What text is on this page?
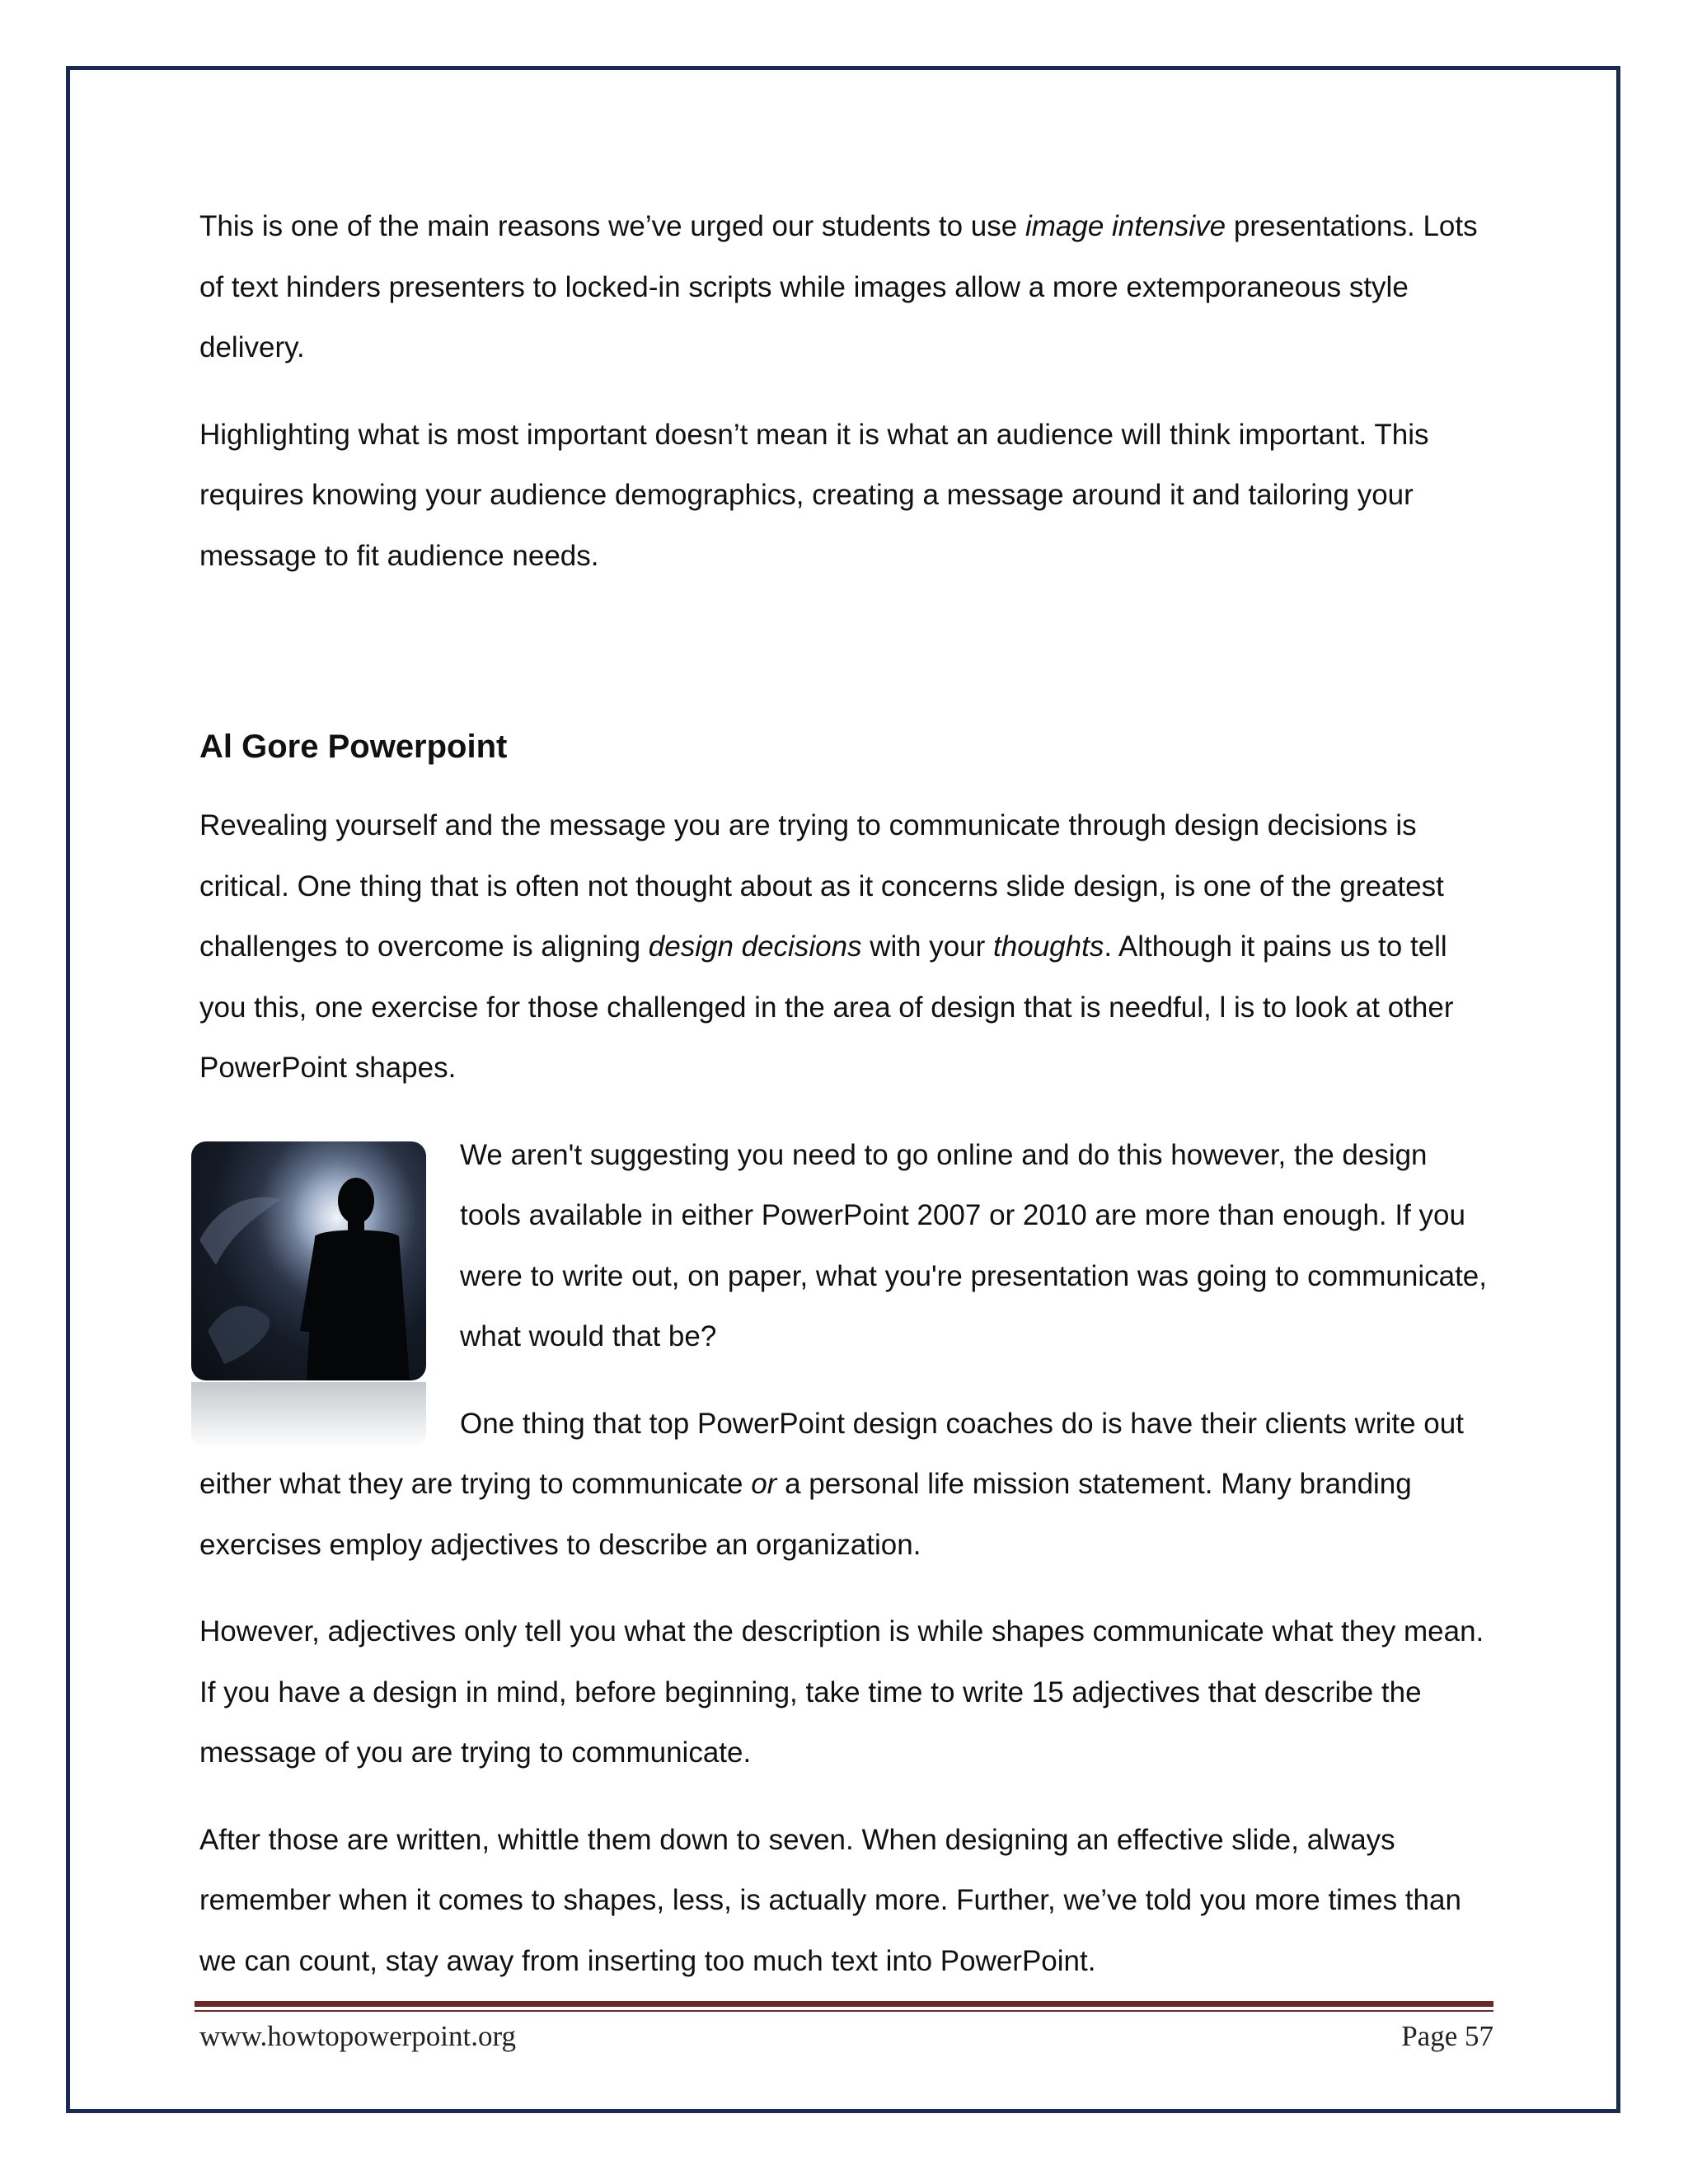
This is one of the main reasons we’ve urged our students to use image intensive presentations. Lots of text hinders presenters to locked-in scripts while images allow a more extemporaneous style delivery.

Highlighting what is most important doesn’t mean it is what an audience will think important. This requires knowing your audience demographics, creating a message around it and tailoring your message to fit audience needs.

Al Gore Powerpoint

Revealing yourself and the message you are trying to communicate through design decisions is critical. One thing that is often not thought about as it concerns slide design, is one of the greatest challenges to overcome is aligning design decisions with your thoughts. Although it pains us to tell you this, one exercise for those challenged in the area of design that is needful, l is to look at other PowerPoint shapes.

We aren't suggesting you need to go online and do this however, the design tools available in either PowerPoint 2007 or 2010 are more than enough. If you were to write out, on paper, what you're presentation was going to communicate, what would that be?

One thing that top PowerPoint design coaches do is have their clients write out either what they are trying to communicate or a personal life mission statement. Many branding exercises employ adjectives to describe an organization.

However, adjectives only tell you what the description is while shapes communicate what they mean. If you have a design in mind, before beginning, take time to write 15 adjectives that describe the message of you are trying to communicate.

After those are written, whittle them down to seven. When designing an effective slide, always remember when it comes to shapes, less, is actually more. Further, we’ve told you more times than we can count, stay away from inserting too much text into PowerPoint.

www.howtopowerpoint.org	Page 57
